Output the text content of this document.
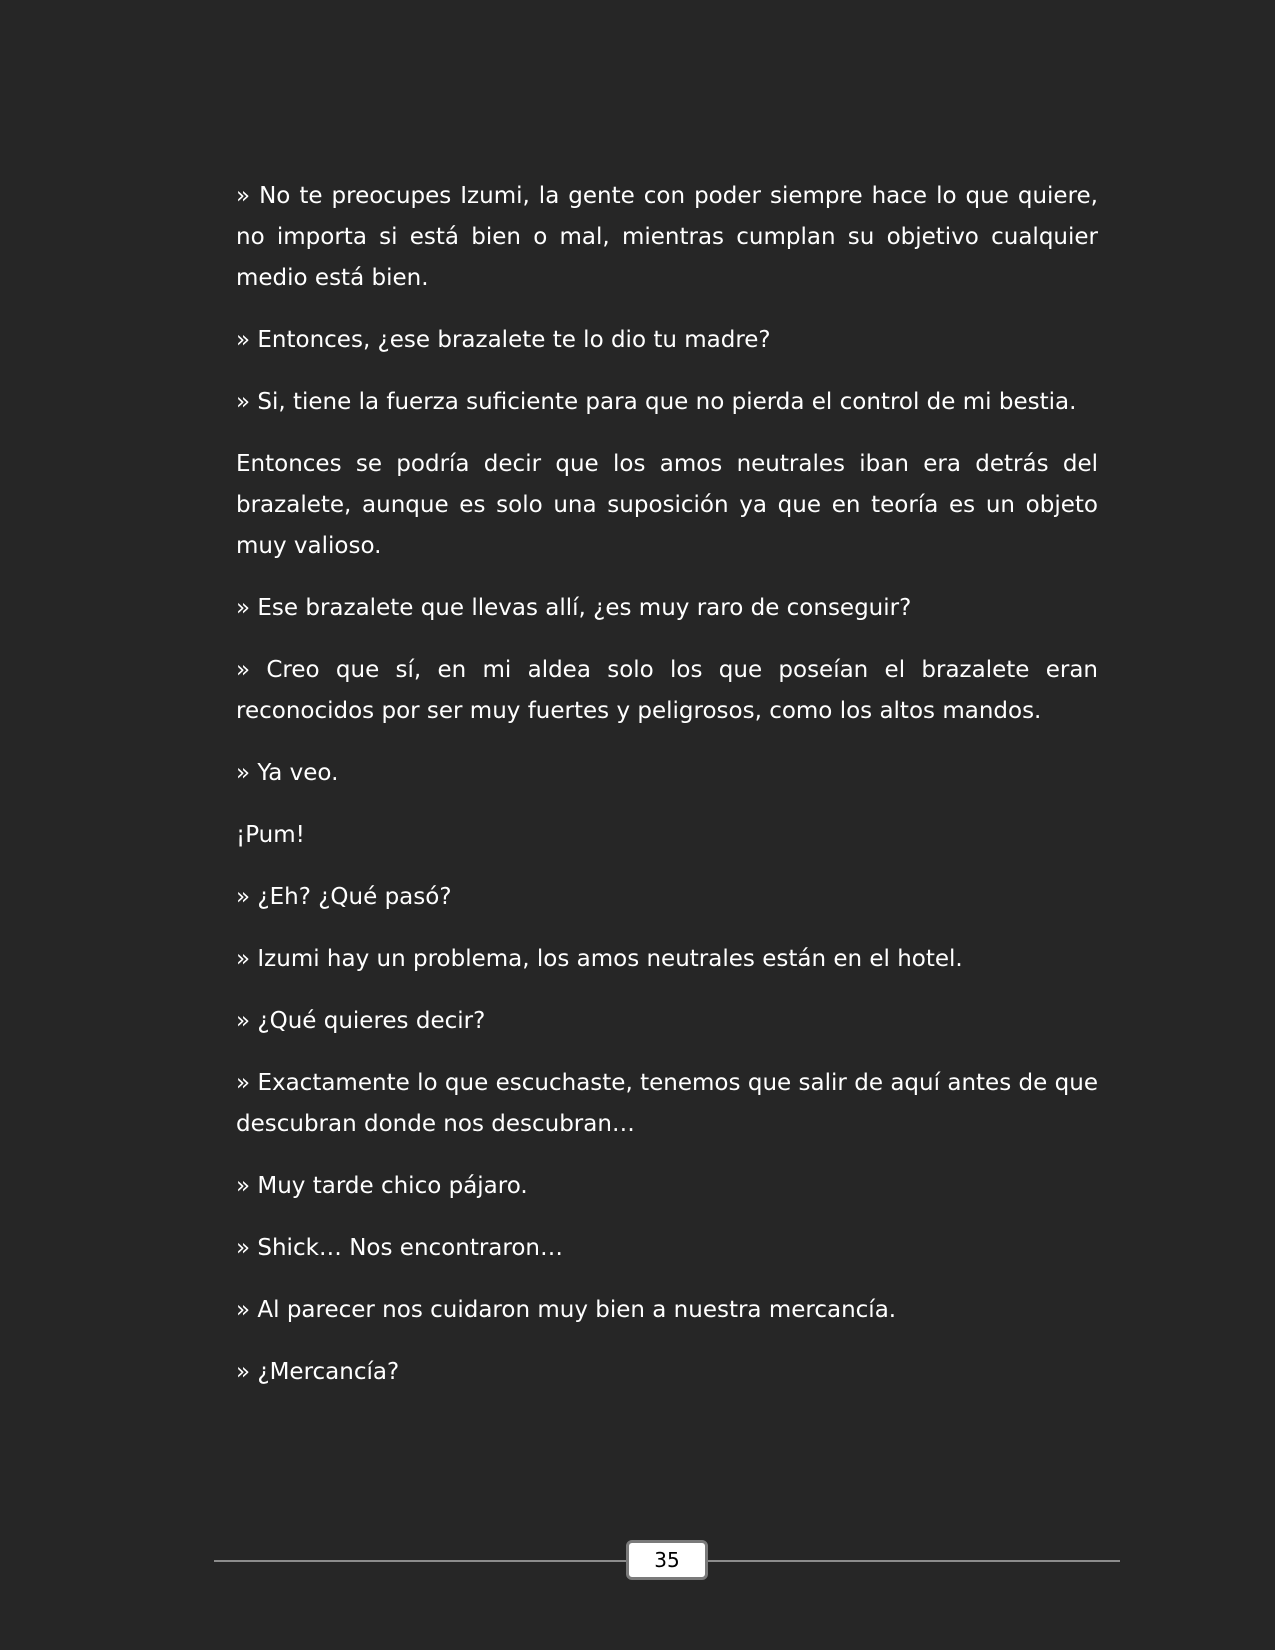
» No te preocupes Izumi, la gente con poder siempre hace lo que quiere, no importa si está bien o mal, mientras cumplan su objetivo cualquier medio está bien.

» Entonces, ¿ese brazalete te lo dio tu madre?

» Si, tiene la fuerza suficiente para que no pierda el control de mi bestia.

Entonces se podría decir que los amos neutrales iban era detrás del brazalete, aunque es solo una suposición ya que en teoría es un objeto muy valioso.

» Ese brazalete que llevas allí, ¿es muy raro de conseguir?

» Creo que sí, en mi aldea solo los que poseían el brazalete eran reconocidos por ser muy fuertes y peligrosos, como los altos mandos.

» Ya veo.

¡Pum!

» ¿Eh? ¿Qué pasó?

» Izumi hay un problema, los amos neutrales están en el hotel.

» ¿Qué quieres decir?

» Exactamente lo que escuchaste, tenemos que salir de aquí antes de que descubran donde nos descubran…

» Muy tarde chico pájaro.

» Shick… Nos encontraron…

» Al parecer nos cuidaron muy bien a nuestra mercancía.

» ¿Mercancía?

35
